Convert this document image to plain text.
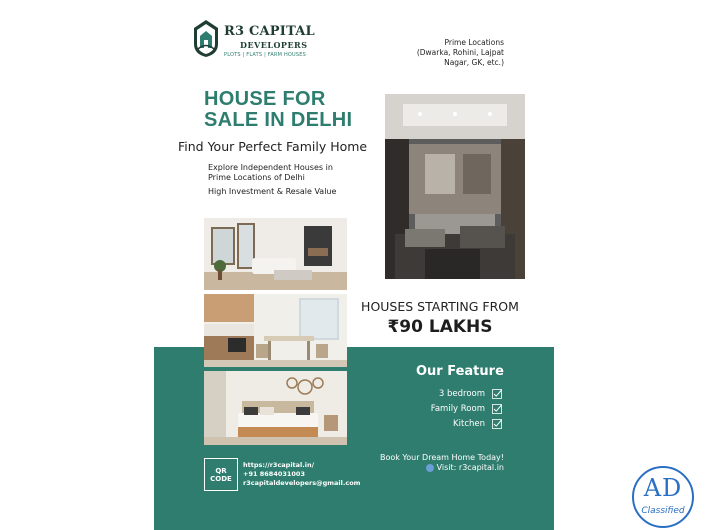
R3 CAPITAL
DEVELOPERS
PLOTS | FLATS | FARM HOUSES
Prime Locations
(Dwarka, Rohini, Lajpat
Nagar, GK, etc.)
HOUSE FOR
SALE IN DELHI
Find Your Perfect Family Home
Explore Independent Houses in Prime Locations of Delhi
High Investment & Resale Value
HOUSES STARTING FROM
₹90 LAKHS
Our Feature
3 bedroom
Family Room
Kitchen
Book Your Dream Home Today!
Visit: r3capital.in
QR
CODE
https://r3capital.in/
+91 8684031003
r3capitaldevelopers@gmail.com	AD
Classified
